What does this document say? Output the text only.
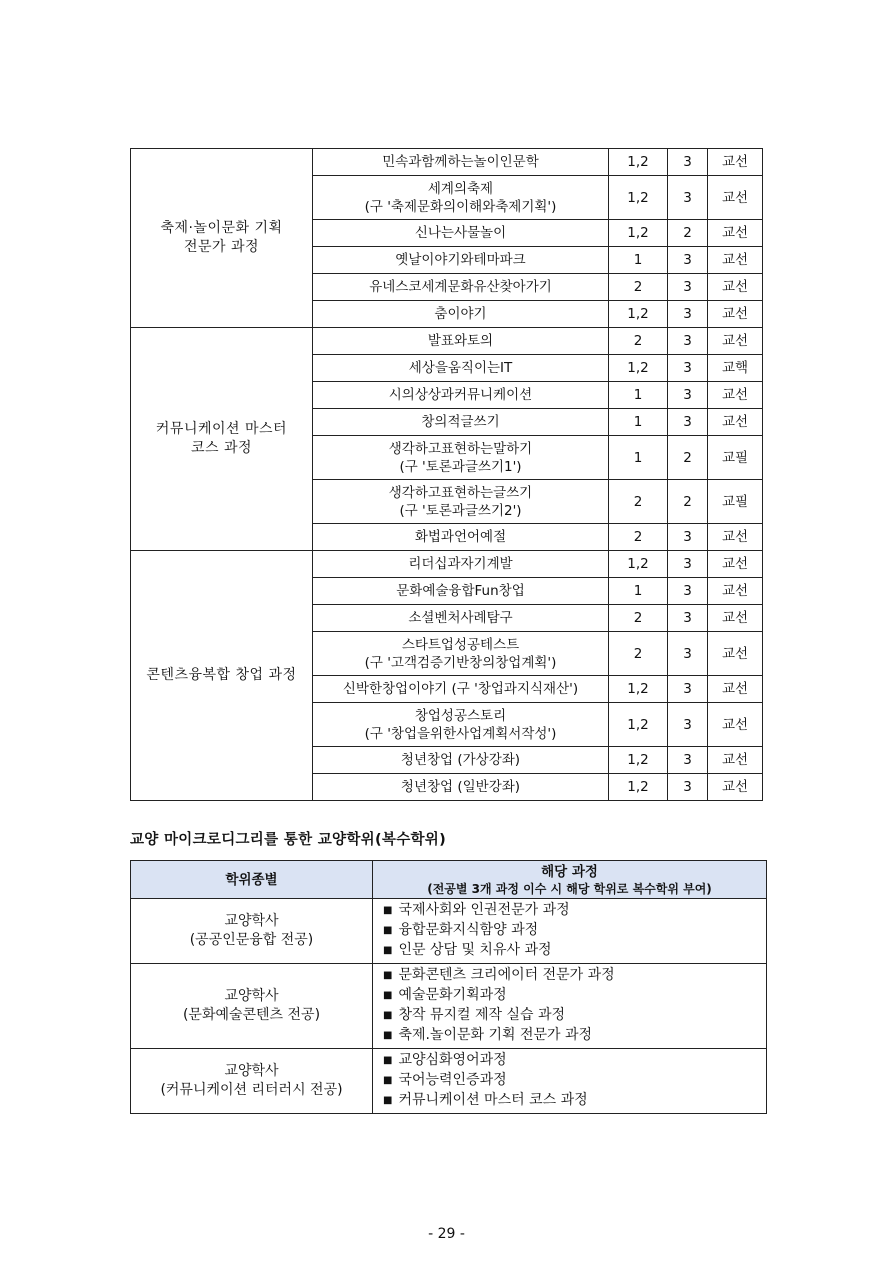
축제·놀이문화 기획
전문가 과정	민속과함께하는놀이인문학	1,2	3	교선

	세계의축제
(구 '축제문화의이해와축제기획')	1,2	3	교선

	신나는사물놀이	1,2	2	교선

	옛날이야기와테마파크	1	3	교선

	유네스코세계문화유산찾아가기	2	3	교선

	춤이야기	1,2	3	교선

커뮤니케이션 마스터
코스 과정	발표와토의	2	3	교선

	세상을움직이는IT	1,2	3	교핵

	시의상상과커뮤니케이션	1	3	교선

	창의적글쓰기	1	3	교선

	생각하고표현하는말하기
(구 '토론과글쓰기1')	1	2	교필

	생각하고표현하는글쓰기
(구 '토론과글쓰기2')	2	2	교필

	화법과언어예절	2	3	교선

콘텐츠융복합 창업 과정	리더십과자기계발	1,2	3	교선

	문화예술융합Fun창업	1	3	교선

	소셜벤처사례탐구	2	3	교선

	스타트업성공테스트
(구 '고객검증기반창의창업계획')	2	3	교선

	신박한창업이야기 (구 '창업과지식재산')	1,2	3	교선

	창업성공스토리
(구 '창업을위한사업계획서작성')	1,2	3	교선

	청년창업 (가상강좌)	1,2	3	교선

	청년창업 (일반강좌)	1,2	3	교선
교양 마이크로디그리를 통한 교양학위(복수학위)
학위종별	해당 과정
(전공별 3개 과정 이수 시 해당 학위로 복수학위 부여)

교양학사
(공공인문융합 전공)	■ 국제사회와 인권전문가 과정
■ 융합문화지식함양 과정
■ 인문 상담 및 치유사 과정

교양학사
(문화예술콘텐츠 전공)	■ 문화콘텐츠 크리에이터 전문가 과정
■ 예술문화기획과정
■ 창작 뮤지컬 제작 실습 과정
■ 축제.놀이문화 기획 전문가 과정

교양학사
(커뮤니케이션 리터러시 전공)	■ 교양심화영어과정
■ 국어능력인증과정
■ 커뮤니케이션 마스터 코스 과정
- 29 -
